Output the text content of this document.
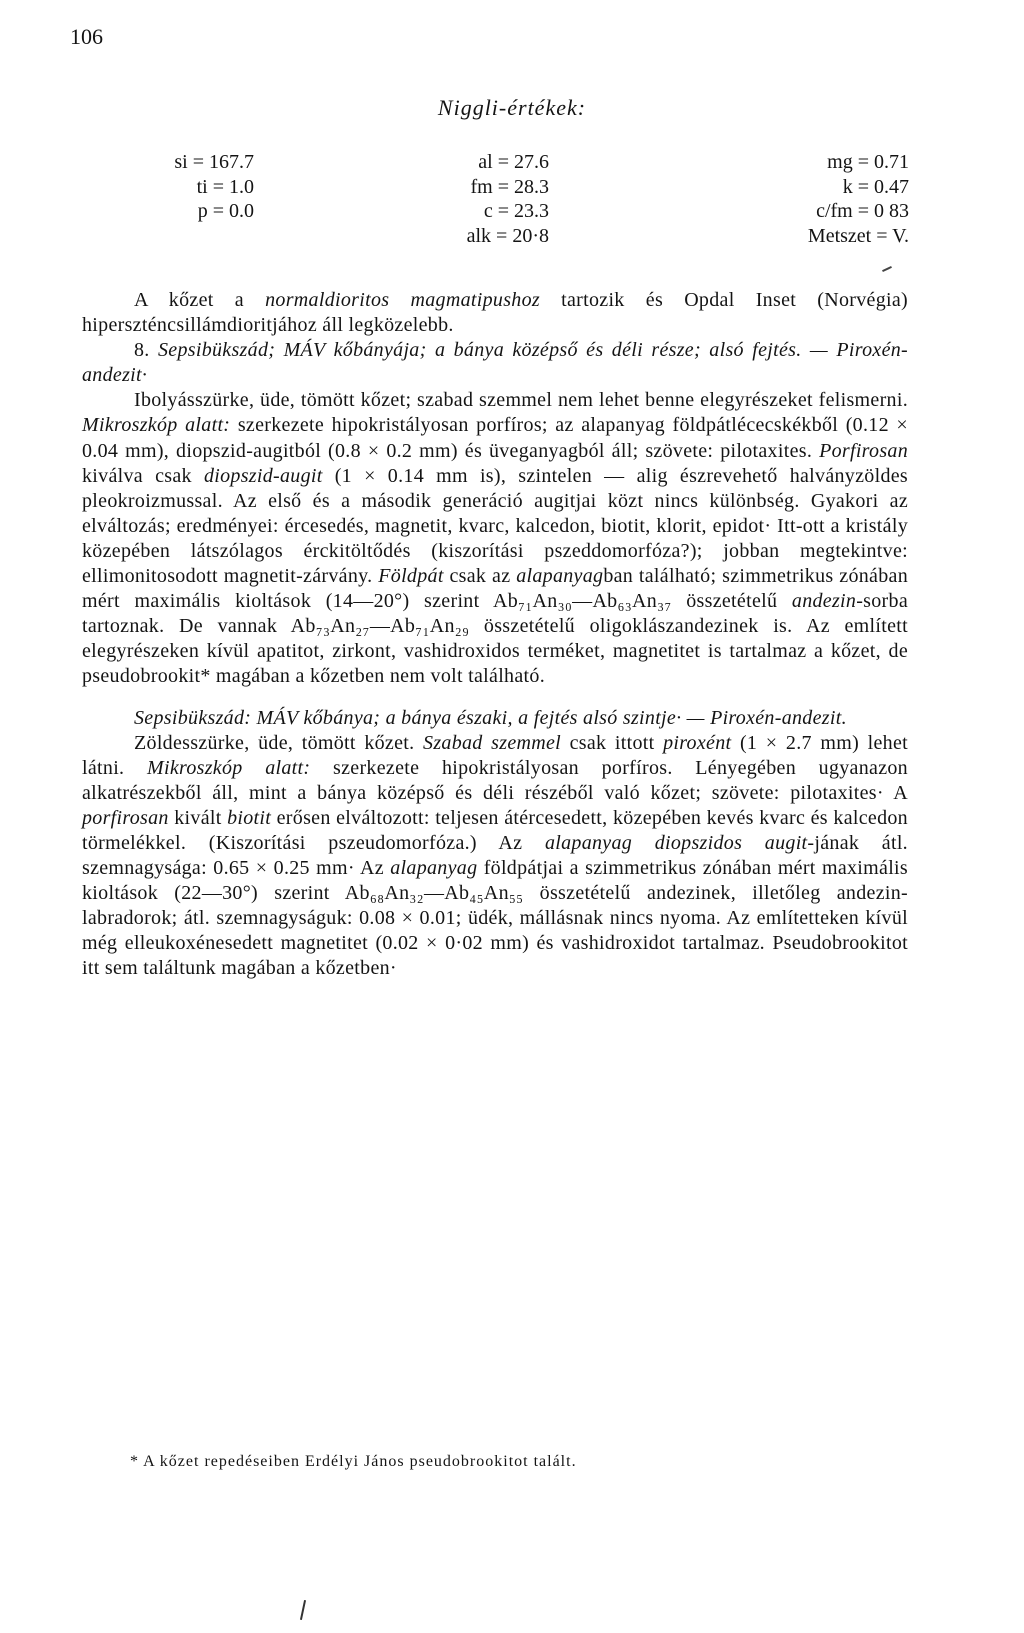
106
Niggli-értékek:
si = 167.7
ti = 1.0
p = 0.0
al = 27.6
fm = 28.3
c = 23.3
alk = 20·8
mg = 0.71
k = 0.47
c/fm = 0 83
Metszet = V.

A kőzet a normaldioritos magmatipushoz tartozik és Opdal Inset (Norvégia) hiperszténcsillámdioritjához áll legközelebb.

8. Sepsibükszád; MÁV kőbányája; a bánya középső és déli része; alsó fejtés. — Piroxén-andezit·

Ibolyásszürke, üde, tömött kőzet; szabad szemmel nem lehet benne elegyrészeket felismerni. Mikroszkóp alatt: szerkezete hipokristályosan porfíros; az alapanyag földpátlécecskékből (0.12 × 0.04 mm), diopszid-augitból (0.8 × 0.2 mm) és üveganyagból áll; szövete: pilotaxites. Porfirosan kiválva csak diopszid-augit (1 × 0.14 mm is), szintelen — alig észrevehető halványzöldes pleokroizmussal. Az első és a második generáció augitjai közt nincs különbség. Gyakori az elváltozás; eredményei: ércesedés, magnetit, kvarc, kalcedon, biotit, klorit, epidot· Itt-ott a kristály közepében látszólagos érckitöltődés (kiszorítási pszeddomorfóza?); jobban megtekintve: ellimonitosodott magnetit-zárvány. Földpát csak az alapanyagban található; szimmetrikus zónában mért maximális kioltások (14—20°) szerint Ab₇₁An₃₀—Ab₆₃An₃₇ összetételű andezin-sorba tartoznak. De vannak Ab₇₃An₂₇—Ab₇₁An₂₉ összetételű oligoklászandezinek is. Az említett elegyrészeken kívül apatitot, zirkont, vashidroxidos terméket, magnetitet is tartalmaz a kőzet, de pseudobrookit* magában a kőzetben nem volt található.

Sepsibükszád: MÁV kőbánya; a bánya északi, a fejtés alsó szintje· — Piroxén-andezit.

Zöldesszürke, üde, tömött kőzet. Szabad szemmel csak ittott piroxént (1 × 2.7 mm) lehet látni. Mikroszkóp alatt: szerkezete hipokristályosan porfíros. Lényegében ugyanazon alkatrészekből áll, mint a bánya középső és déli részéből való kőzet; szövete: pilotaxites· A porfirosan kivált biotit erősen elváltozott: teljesen átércesedett, közepében kevés kvarc és kalcedon törmelékkel. (Kiszorítási pszeudomorfóza.) Az alapanyag diopszidos augit-jának átl. szemnagysága: 0.65 × 0.25 mm· Az alapanyag földpátjai a szimmetrikus zónában mért maximális kioltások (22—30°) szerint Ab₆₈An₃₂—Ab₄₅An₅₅ összetételű andezinek, illetőleg andezin-labradorok; átl. szemnagyságuk: 0.08 × 0.01; üdék, mállásnak nincs nyoma. Az említetteken kívül még elleukoxénesedett magnetitet (0.02 × 0·02 mm) és vashidroxidot tartalmaz. Pseudobrookitot itt sem találtunk magában a kőzetben·

* A kőzet repedéseiben Erdélyi János pseudobrookitot talált.
